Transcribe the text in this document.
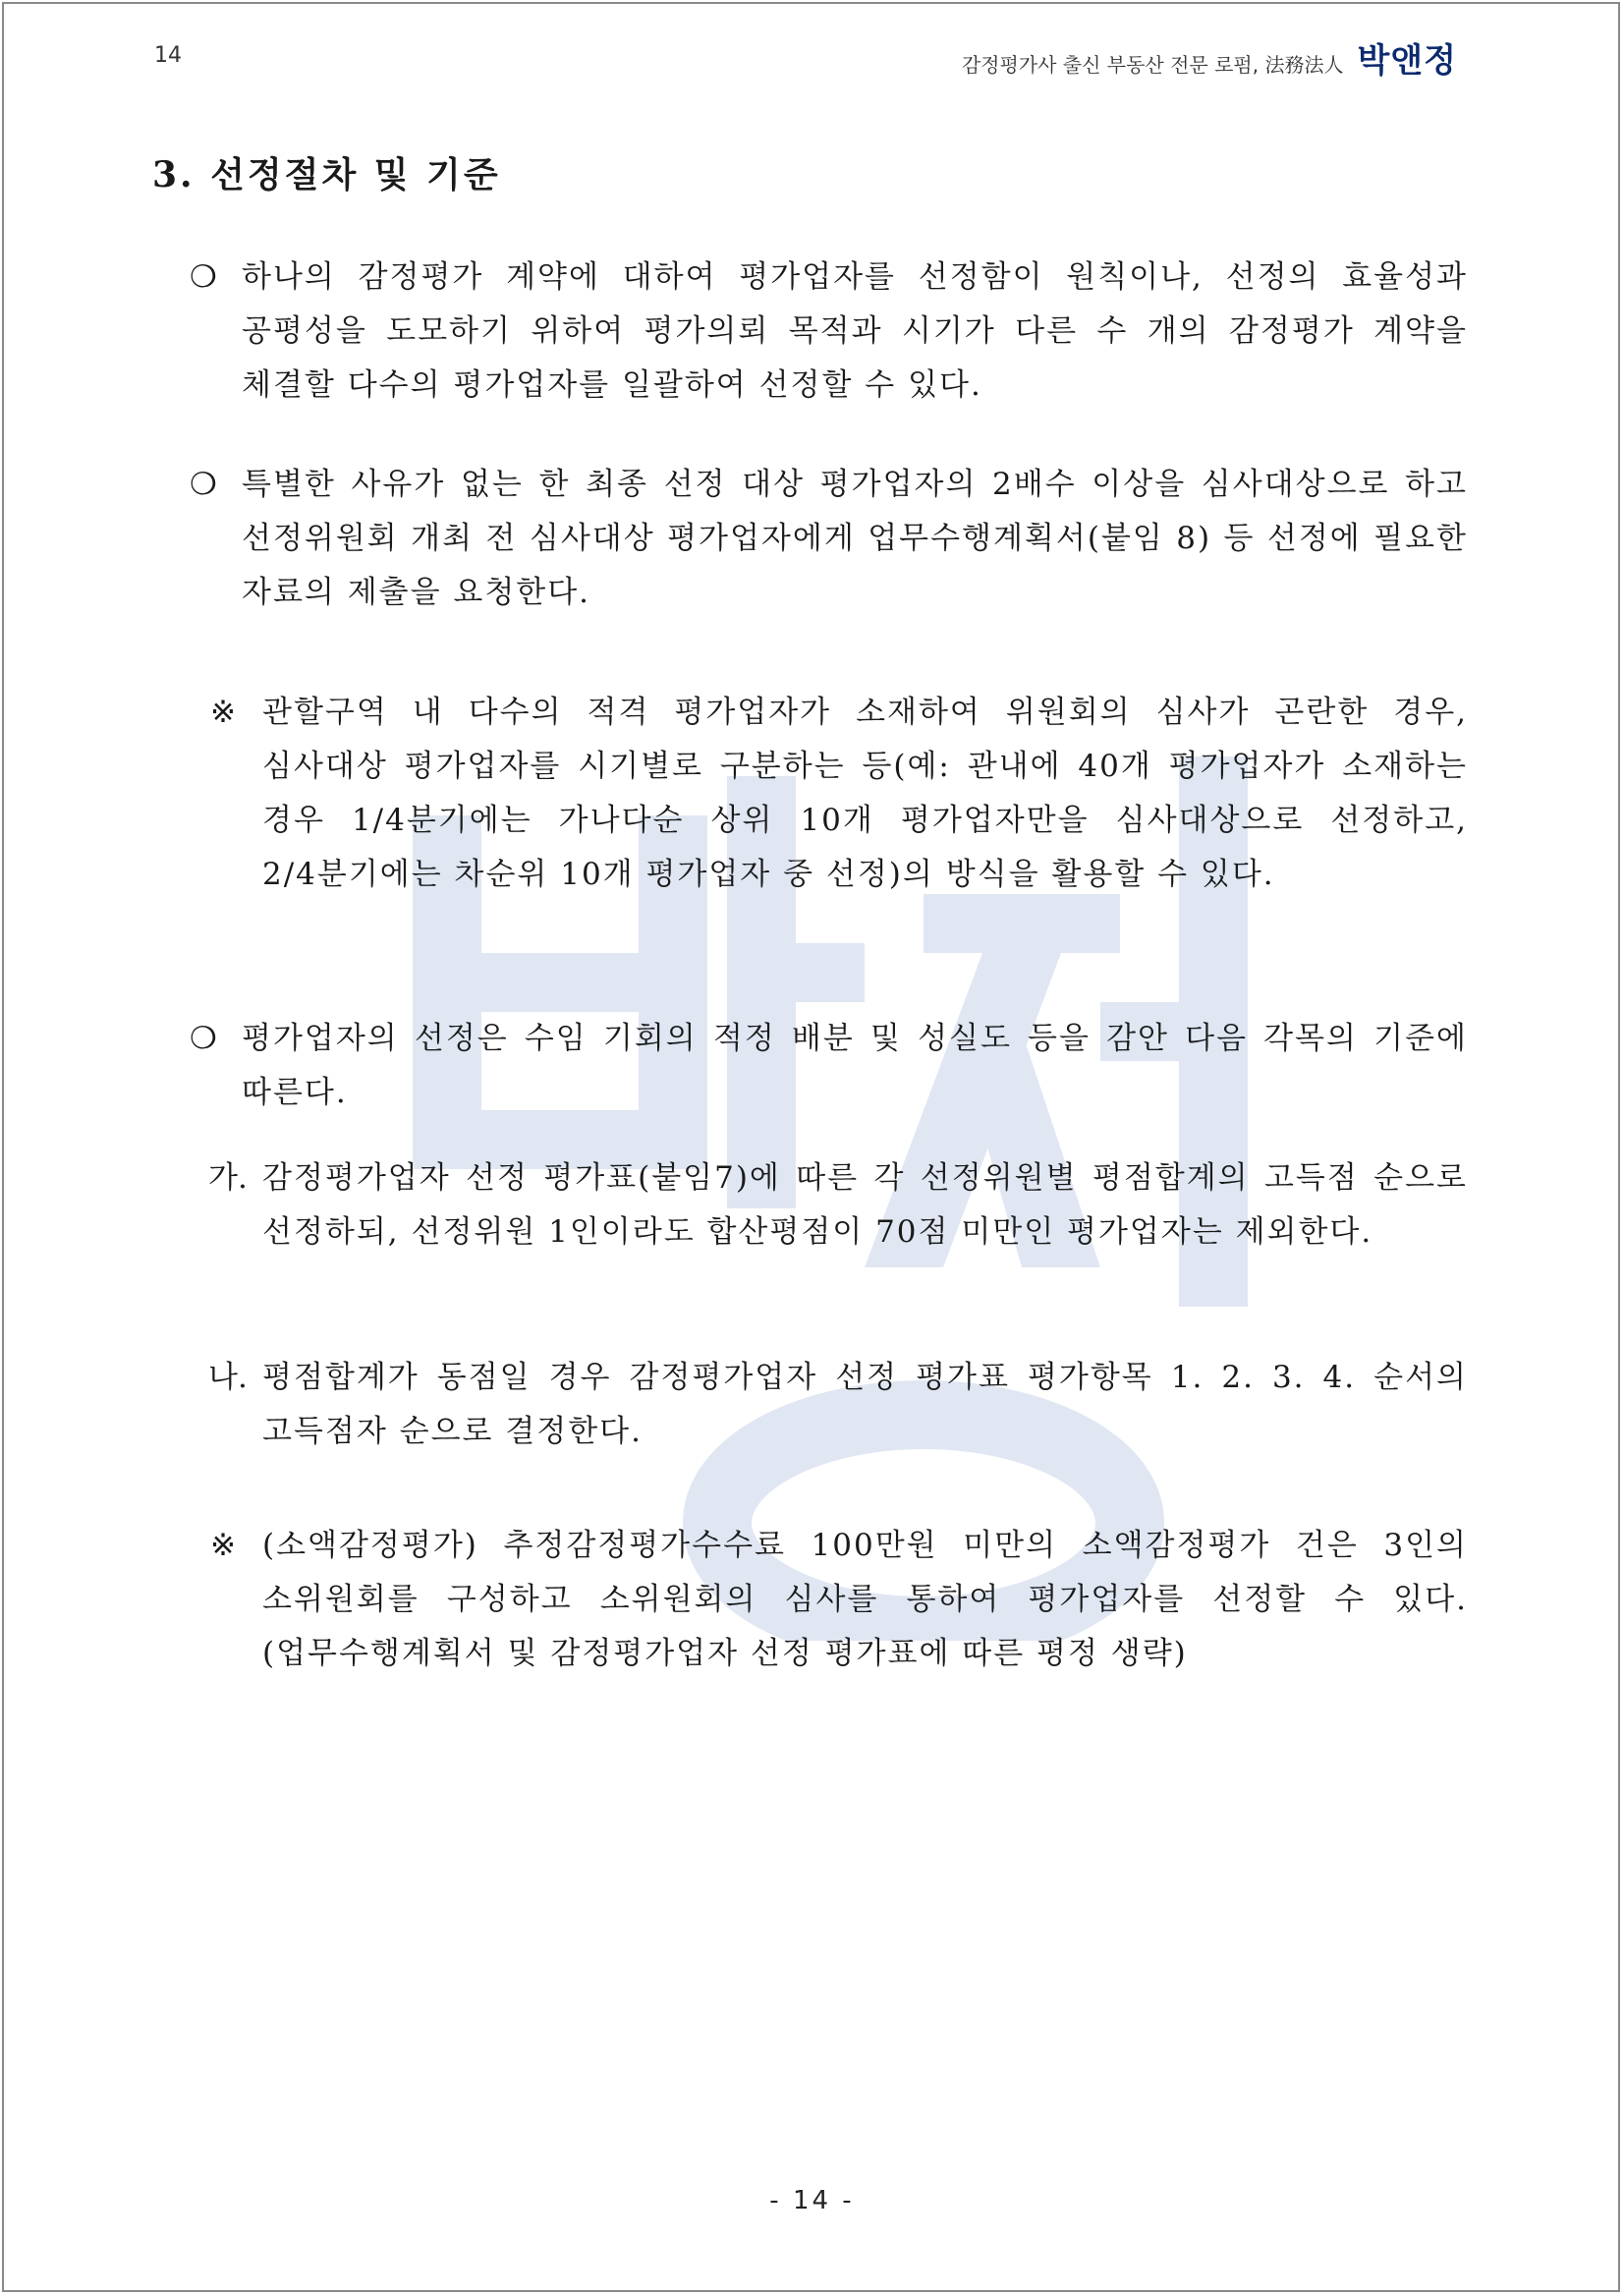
14	감정평가사 출신 부동산 전문 로펌, 法務法人 박앤정
3. 선정절차 및 기준
❍ 하나의 감정평가 계약에 대하여 평가업자를 선정함이 원칙이나, 선정의 효율성과 공평성을 도모하기 위하여 평가의뢰 목적과 시기가 다른 수 개의 감정평가 계약을 체결할 다수의 평가업자를 일괄하여 선정할 수 있다.
❍ 특별한 사유가 없는 한 최종 선정 대상 평가업자의 2배수 이상을 심사대상으로 하고 선정위원회 개최 전 심사대상 평가업자에게 업무수행계획서(붙임 8) 등 선정에 필요한 자료의 제출을 요청한다.
※ 관할구역 내 다수의 적격 평가업자가 소재하여 위원회의 심사가 곤란한 경우, 심사대상 평가업자를 시기별로 구분하는 등(예: 관내에 40개 평가업자가 소재하는 경우 1/4분기에는 가나다순 상위 10개 평가업자만을 심사대상으로 선정하고, 2/4분기에는 차순위 10개 평가업자 중 선정)의 방식을 활용할 수 있다.
❍ 평가업자의 선정은 수임 기회의 적정 배분 및 성실도 등을 감안 다음 각목의 기준에 따른다.
가. 감정평가업자 선정 평가표(붙임7)에 따른 각 선정위원별 평점합계의 고득점 순으로 선정하되, 선정위원 1인이라도 합산평점이 70점 미만인 평가업자는 제외한다.
나. 평점합계가 동점일 경우 감정평가업자 선정 평가표 평가항목 1. 2. 3. 4. 순서의 고득점자 순으로 결정한다.
※ (소액감정평가) 추정감정평가수수료 100만원 미만의 소액감정평가 건은 3인의 소위원회를 구성하고 소위원회의 심사를 통하여 평가업자를 선정할 수 있다.(업무수행계획서 및 감정평가업자 선정 평가표에 따른 평정 생략)
- 14 -
